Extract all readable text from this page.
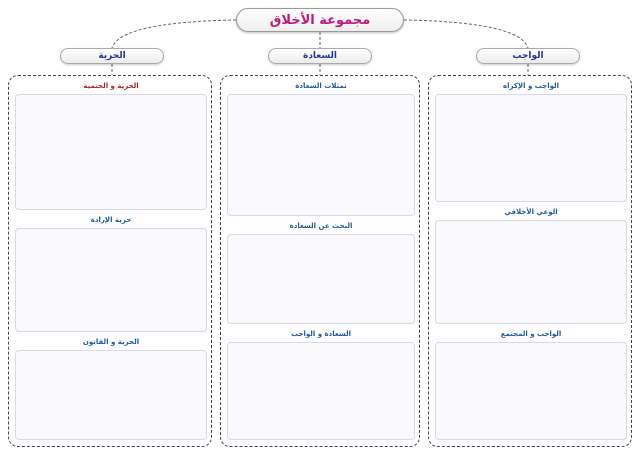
مجموعة الأخلاق
الواجب
السعادة
الحرية
الواجب و الإكراه
الوعي الأخلاقي
الواجب و المجتمع
تمثلات السعادة
البحث عن السعادة
السعادة و الواجب
الحرية و الحتمية
حرية الإرادة
الحرية و القانون
